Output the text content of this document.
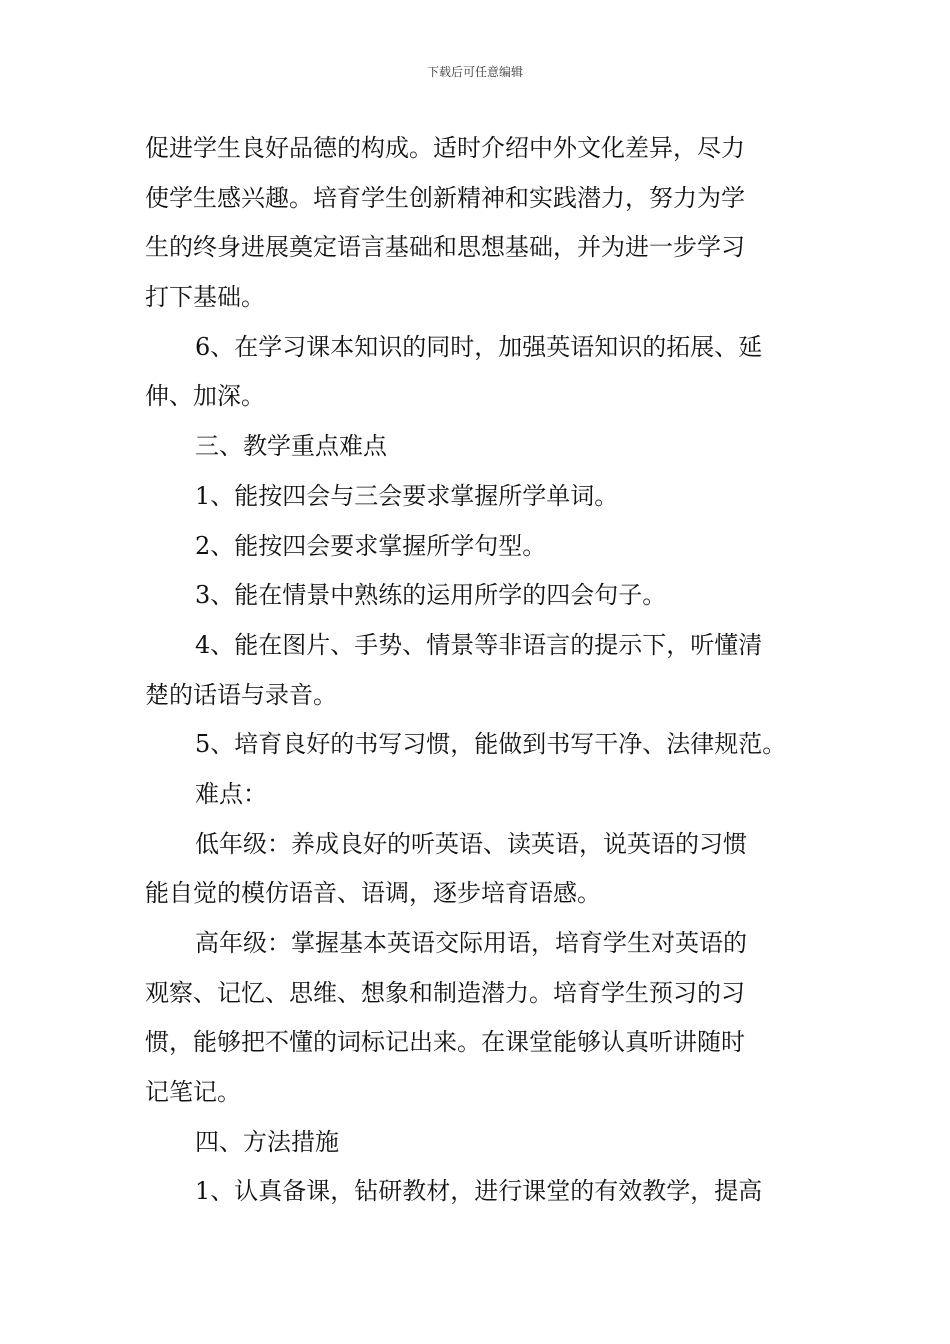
下载后可任意编辑
促进学生良好品德的构成。适时介绍中外文化差异，尽力
使学生感兴趣。培育学生创新精神和实践潜力，努力为学
生的终身进展奠定语言基础和思想基础，并为进一步学习
打下基础。
6、在学习课本知识的同时，加强英语知识的拓展、延
伸、加深。
三、教学重点难点
1、能按四会与三会要求掌握所学单词。
2、能按四会要求掌握所学句型。
3、能在情景中熟练的运用所学的四会句子。
4、能在图片、手势、情景等非语言的提示下，听懂清
楚的话语与录音。
5、培育良好的书写习惯，能做到书写干净、法律规范。
难点：
低年级：养成良好的听英语、读英语，说英语的习惯
能自觉的模仿语音、语调，逐步培育语感。
高年级：掌握基本英语交际用语，培育学生对英语的
观察、记忆、思维、想象和制造潜力。培育学生预习的习
惯，能够把不懂的词标记出来。在课堂能够认真听讲随时
记笔记。
四、方法措施
1、认真备课，钻研教材，进行课堂的有效教学，提高
